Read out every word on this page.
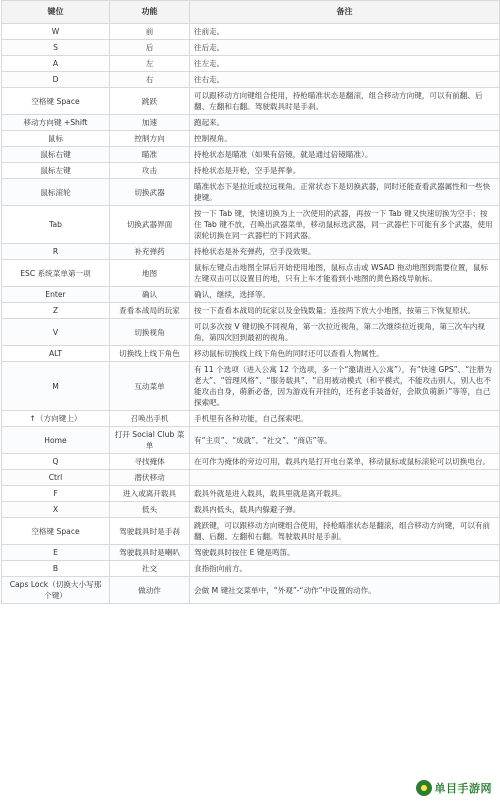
键位	功能	备注
W	前	往前走。
S	后	往后走。
A	左	往左走。
D	右	往右走。
空格键 Space	跳跃	可以跟移动方向键组合使用，持枪瞄准状态是翻滚，组合移动方向键，可以有前翻、后翻、左翻和右翻。驾驶载具时是手刹。
移动方向键 +Shift	加速	跑起来。
鼠标	控制方向	控制视角。
鼠标右键	瞄准	持枪状态是瞄准（如果有倍镜，就是通过倍镜瞄准）。
鼠标左键	攻击	持枪状态是开枪，空手是挥拳。
鼠标滚轮	切换武器	瞄准状态下是拉近或拉远视角。正常状态下是切换武器，同时还能查看武器属性和一些快捷键。
Tab	切换武器界面	按一下 Tab 键，快速切换为上一次使用的武器，再按一下 Tab 键又快速切换为空手；按住 Tab 键不放，召唤出武器菜单，移动鼠标选武器，同一武器栏下可能有多个武器，使用滚轮切换在同一武器栏的下同武器。
R	补充弹药	持枪状态是补充弹药，空手没效果。
ESC 系统菜单第一项	地图	鼠标左键点击地图全屏后开始使用地图，鼠标点击或 WSAD 拖动地图到需要位置，鼠标左键双击可以设置目的地，只有上车才能看到小地图的黄色路线导航标。
Enter	确认	确认，继续，选择等。
Z	查看本战局的玩家	按一下查看本战局的玩家以及金钱数量；连按两下放大小地图，按第三下恢复原状。
V	切换视角	可以多次按 V 键切换不同视角，第一次拉近视角，第二次继续拉近视角，第三次车内视角，第四次回到最初的视角。
ALT	切换线上线下角色	移动鼠标切换线上线下角色的同时还可以查看人物属性。
M	互动菜单	有 11 个选项（进入公寓 12 个选项，多一个“邀请进入公寓”），有“快速 GPS”、“注册为老大”、“管理风格”、“服务载具”、“启用被动模式（和平模式，不能攻击别人，别人也不能攻击自身，萌新必备，因为游戏有开挂的，还有老手装备好，会欺负萌新）”等等，自己探索吧。
↑（方向键上）	召唤出手机	手机里有各种功能，自己探索吧。
Home	打开 Social Club 菜单	有“主页”、“成就”、“社交”、“商店”等。
Q	寻找掩体	在可作为掩体的旁边可用，载具内是打开电台菜单，移动鼠标或鼠标滚轮可以切换电台。
Ctrl	潜伏移动	
F	进入或离开载具	载具外就是进入载具，载具里就是离开载具。
X	低头	载具内低头，载具内躲避子弹。
空格键 Space	驾驶载具时是手刹	跳跃键，可以跟移动方向键组合使用，持枪瞄准状态是翻滚，组合移动方向键，可以有前翻、后翻、左翻和右翻。驾驶载具时是手刹。
E	驾驶载具时是喇叭	驾驶载具时按住 E 键是鸣笛。
B	社交	食指指向前方。
Caps Lock（切换大小写那个键）	做动作	会做 M 键社交菜单中，“外观”-“动作”中设置的动作。
单目手游网
